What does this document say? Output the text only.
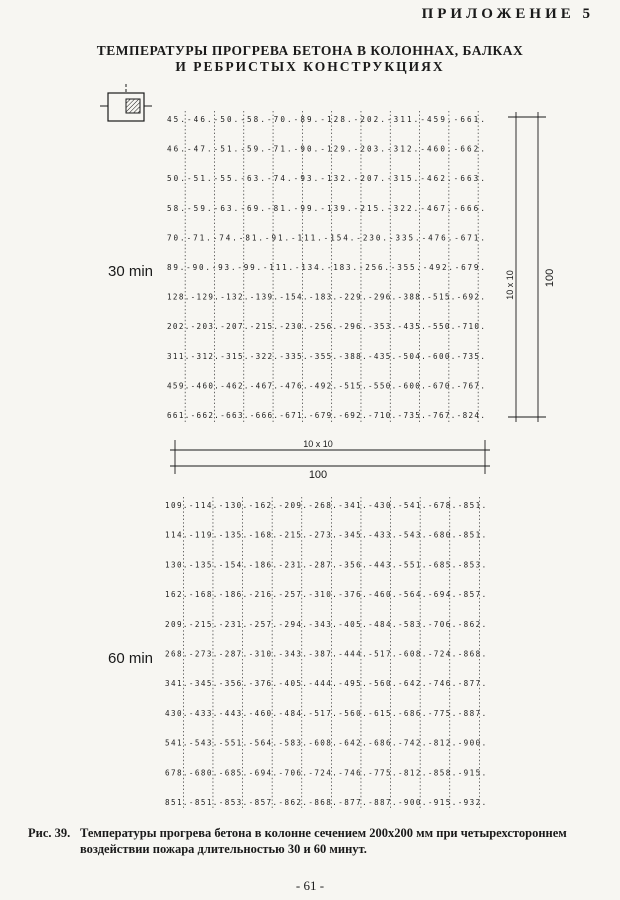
ПРИЛОЖЕНИЕ 5
ТЕМПЕРАТУРЫ ПРОГРЕВА БЕТОНА В КОЛОННАХ, БАЛКАХ
И РЕБРИСТЫХ КОНСТРУКЦИЯХ
45.-46.-50.-58.-70.-89.-128.-202.-311.-459.-661.
46.-47.-51.-59.-71.-90.-129.-203.-312.-460.-662.
50.-51.-55.-63.-74.-93.-132.-207.-315.-462.-663.
58.-59.-63.-69.-81.-99.-139.-215.-322.-467.-666.
70.-71.-74.-81.-91.-111.-154.-230.-335.-476.-671.
89.-90.-93.-99.-111.-134.-183.-256.-355.-492.-679.
128.-129.-132.-139.-154.-183.-229.-296.-388.-515.-692.
202.-203.-207.-215.-230.-256.-296.-353.-435.-550.-710.
311.-312.-315.-322.-335.-355.-388.-435.-504.-600.-735.
459.-460.-462.-467.-476.-492.-515.-550.-600.-670.-767.
661.-662.-663.-666.-671.-679.-692.-710.-735.-767.-824.
109.-114.-130.-162.-209.-268.-341.-430.-541.-678.-851.
114.-119.-135.-168.-215.-273.-345.-433.-543.-680.-851.
130.-135.-154.-186.-231.-287.-356.-443.-551.-685.-853.
162.-168.-186.-216.-257.-310.-376.-460.-564.-694.-857.
209.-215.-231.-257.-294.-343.-405.-484.-583.-706.-862.
268.-273.-287.-310.-343.-387.-444.-517.-608.-724.-868.
341.-345.-356.-376.-405.-444.-495.-560.-642.-746.-877.
430.-433.-443.-460.-484.-517.-560.-615.-686.-775.-887.
541.-543.-551.-564.-583.-608.-642.-686.-742.-812.-900.
678.-680.-685.-694.-706.-724.-746.-775.-812.-858.-915.
851.-851.-853.-857.-862.-868.-877.-887.-900.-915.-932.
10 x 10
100
10 x 10	100
30 min
60 min
Рис. 39. Температуры прогрева бетона в колонне сечением 200x200 мм при четырехстороннем воздействии пожара длительностью 30 и 60 минут.
- 61 -
